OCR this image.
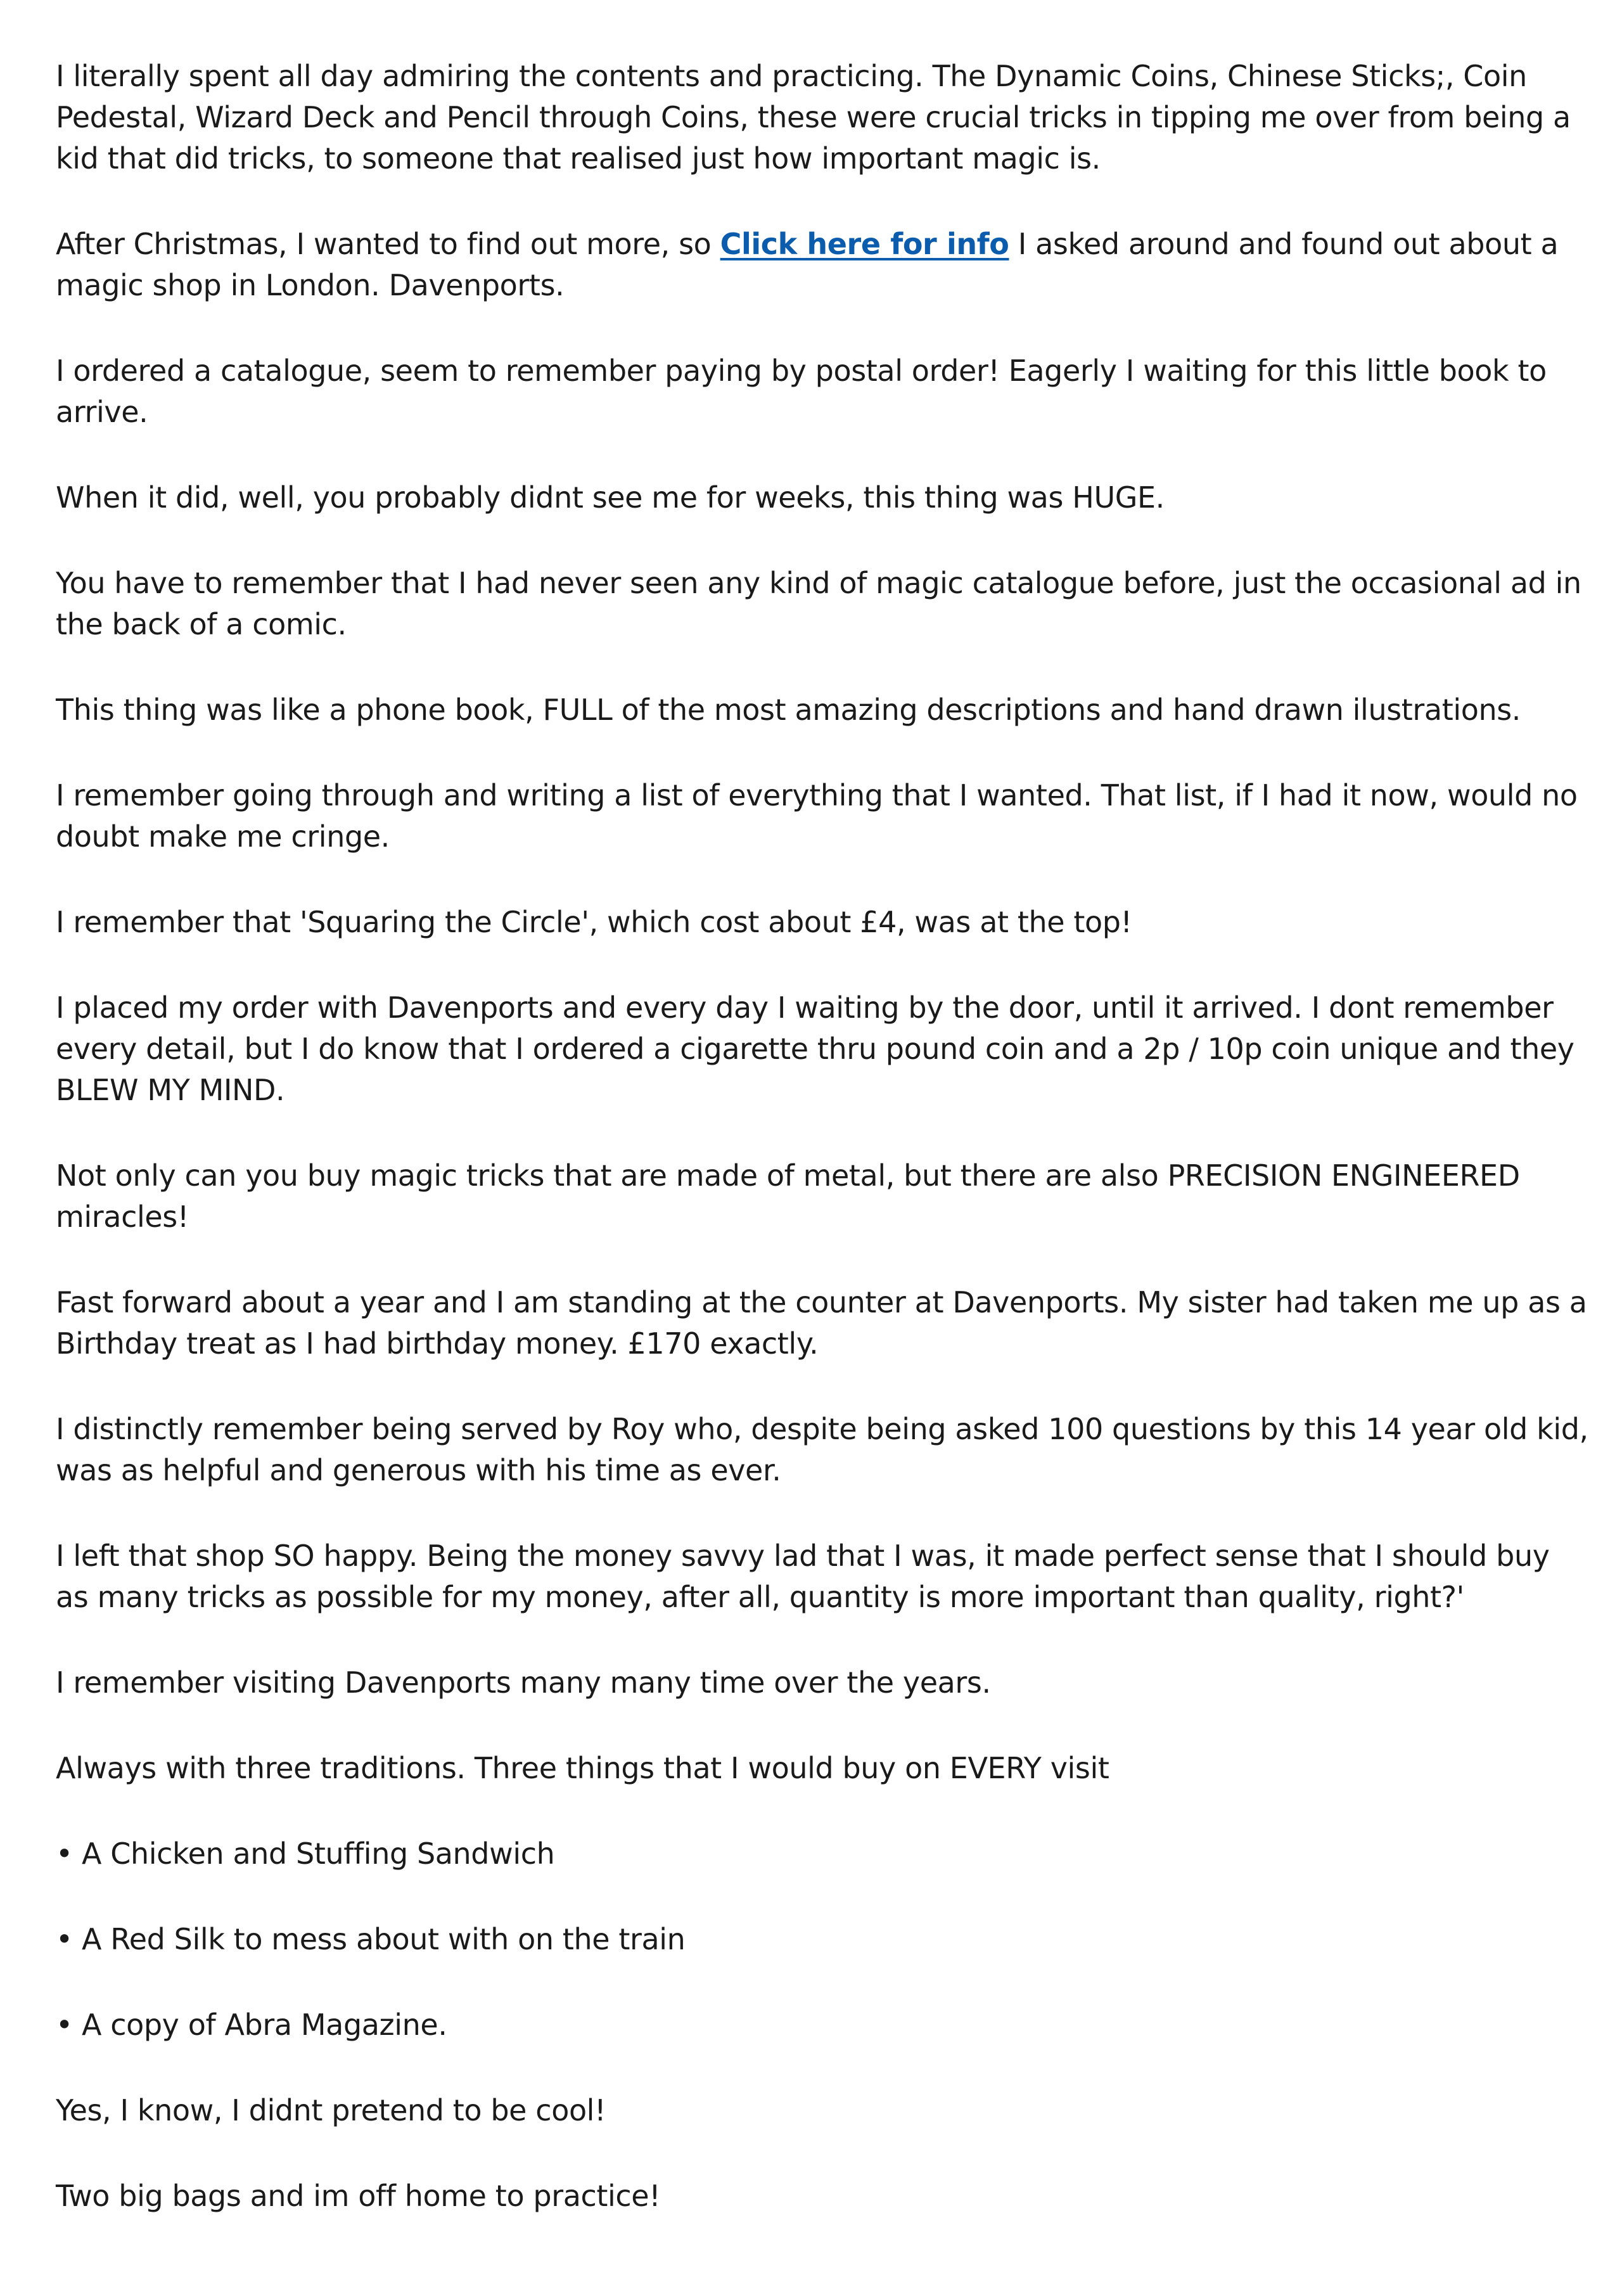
I literally spent all day admiring the contents and practicing. The Dynamic Coins, Chinese Sticks;, Coin Pedestal, Wizard Deck and Pencil through Coins, these were crucial tricks in tipping me over from being a kid that did tricks, to someone that realised just how important magic is.

After Christmas, I wanted to find out more, so Click here for info I asked around and found out about a magic shop in London. Davenports.

I ordered a catalogue, seem to remember paying by postal order! Eagerly I waiting for this little book to arrive.

When it did, well, you probably didnt see me for weeks, this thing was HUGE.

You have to remember that I had never seen any kind of magic catalogue before, just the occasional ad in the back of a comic.

This thing was like a phone book, FULL of the most amazing descriptions and hand drawn ilustrations.

I remember going through and writing a list of everything that I wanted. That list, if I had it now, would no doubt make me cringe.

I remember that 'Squaring the Circle', which cost about £4, was at the top!

I placed my order with Davenports and every day I waiting by the door, until it arrived. I dont remember every detail, but I do know that I ordered a cigarette thru pound coin and a 2p / 10p coin unique and they BLEW MY MIND.

Not only can you buy magic tricks that are made of metal, but there are also PRECISION ENGINEERED miracles!

Fast forward about a year and I am standing at the counter at Davenports. My sister had taken me up as a Birthday treat as I had birthday money. £170 exactly.

I distinctly remember being served by Roy who, despite being asked 100 questions by this 14 year old kid, was as helpful and generous with his time as ever.

I left that shop SO happy. Being the money savvy lad that I was, it made perfect sense that I should buy as many tricks as possible for my money, after all, quantity is more important than quality, right?'

I remember visiting Davenports many many time over the years.

Always with three traditions. Three things that I would buy on EVERY visit

• A Chicken and Stuffing Sandwich

• A Red Silk to mess about with on the train

• A copy of Abra Magazine.

Yes, I know, I didnt pretend to be cool!

Two big bags and im off home to practice!
